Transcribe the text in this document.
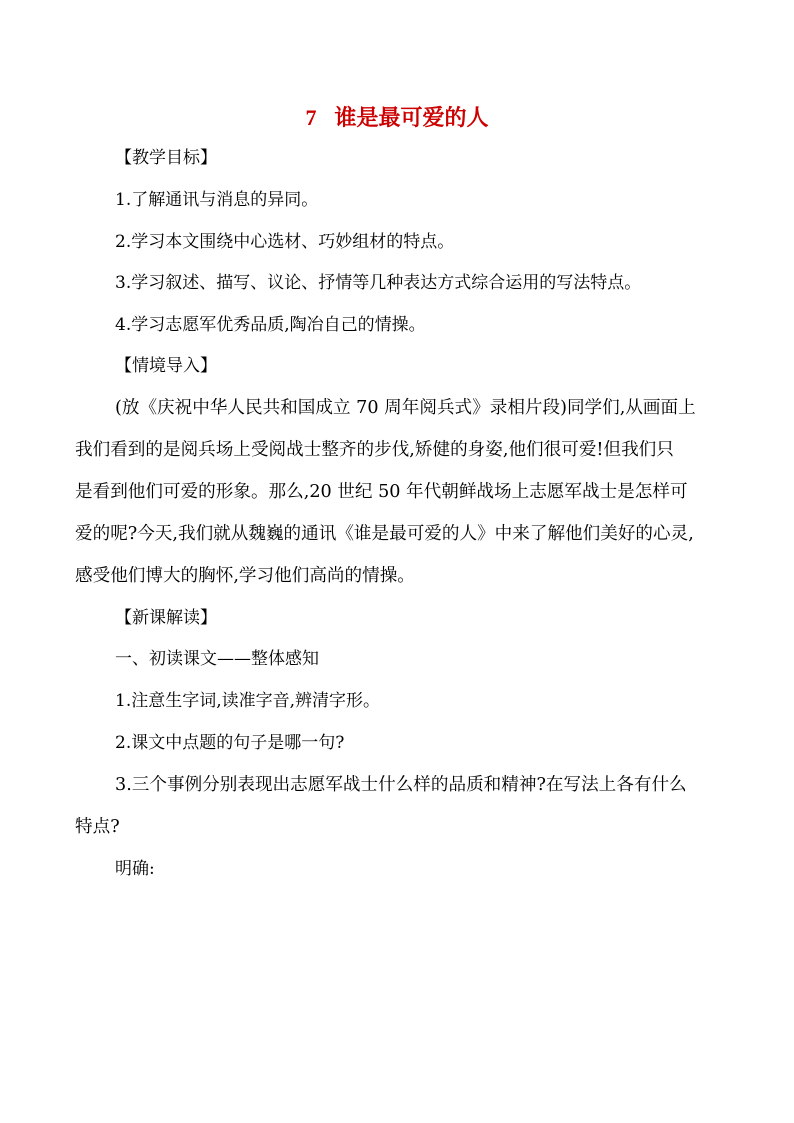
7 谁是最可爱的人
【教学目标】
1.了解通讯与消息的异同。
2.学习本文围绕中心选材、巧妙组材的特点。
3.学习叙述、描写、议论、抒情等几种表达方式综合运用的写法特点。
4.学习志愿军优秀品质,陶冶自己的情操。
【情境导入】
(放《庆祝中华人民共和国成立 70 周年阅兵式》录相片段)同学们,从画面上
我们看到的是阅兵场上受阅战士整齐的步伐,矫健的身姿,他们很可爱!但我们只
是看到他们可爱的形象。那么,20 世纪 50 年代朝鲜战场上志愿军战士是怎样可
爱的呢?今天,我们就从魏巍的通讯《谁是最可爱的人》中来了解他们美好的心灵,
感受他们博大的胸怀,学习他们高尚的情操。
【新课解读】
一、初读课文——整体感知
1.注意生字词,读准字音,辨清字形。
2.课文中点题的句子是哪一句?
3.三个事例分别表现出志愿军战士什么样的品质和精神?在写法上各有什么
特点?
明确:
